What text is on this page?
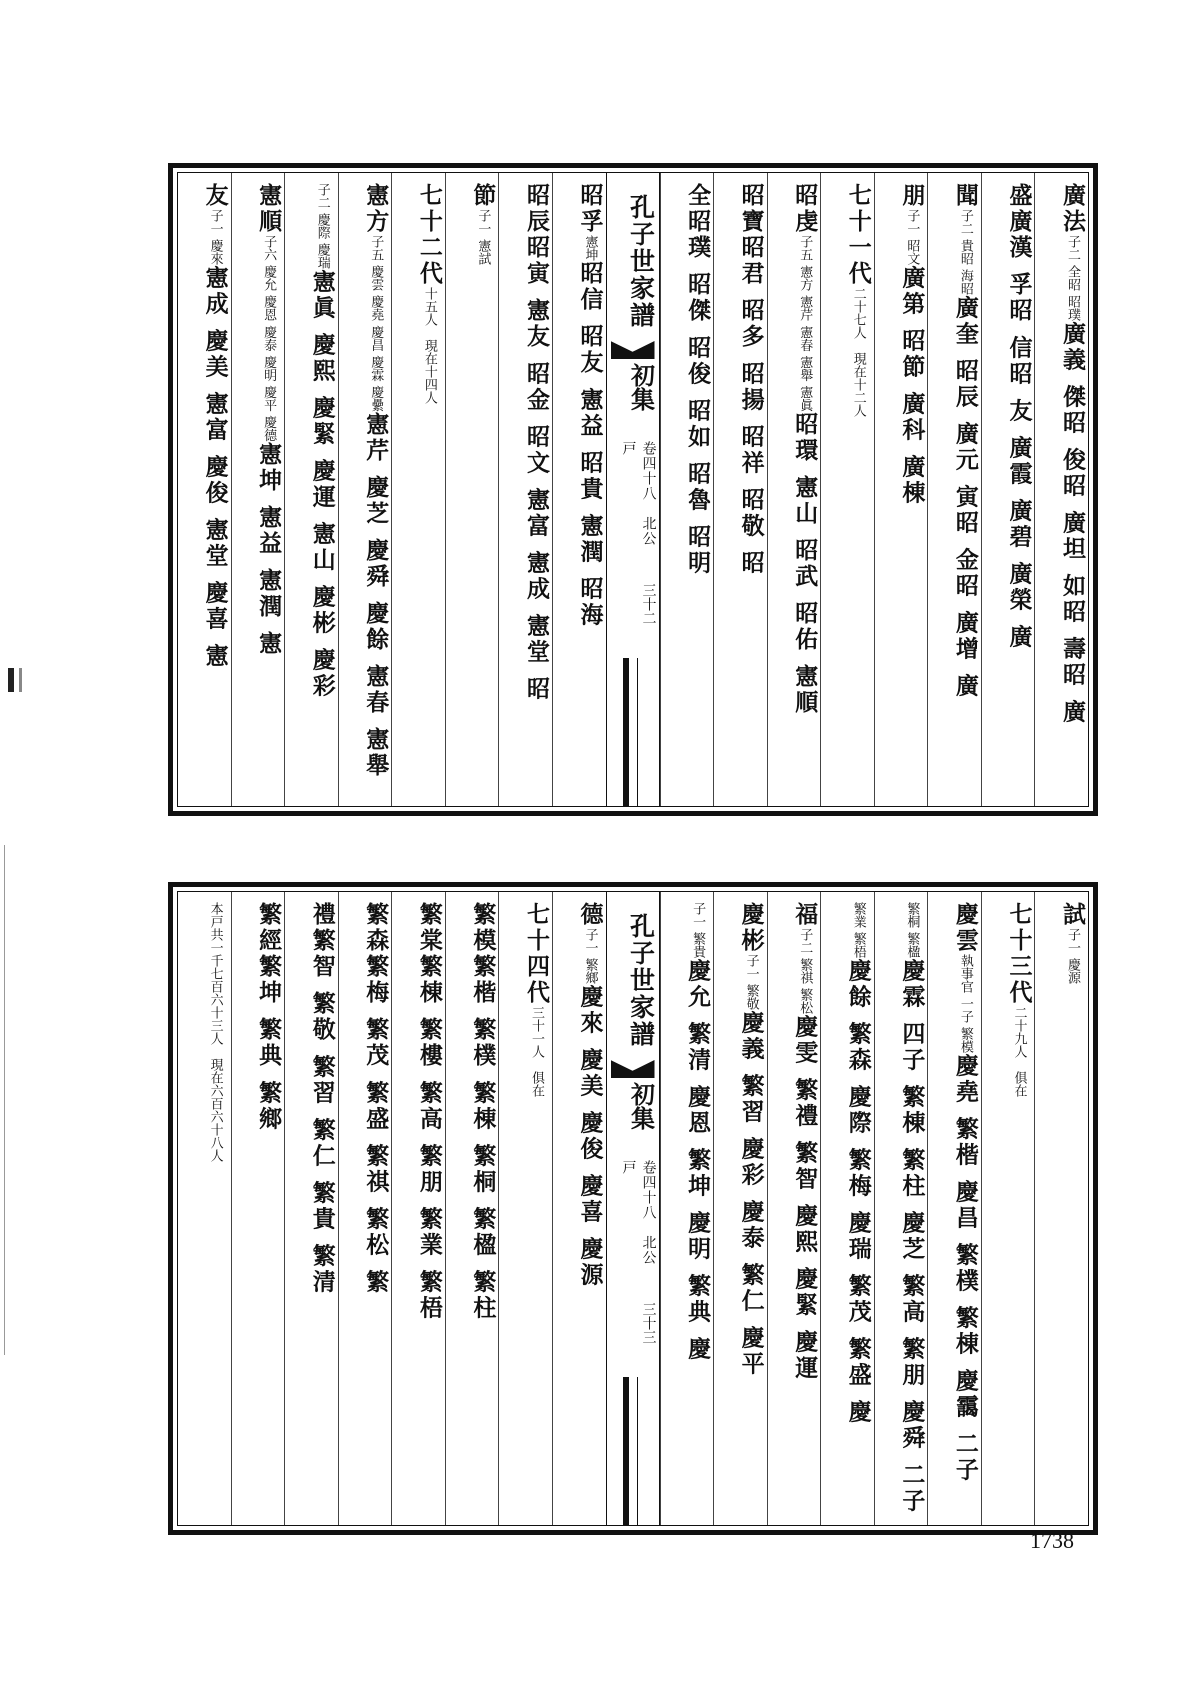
廣法子二 全昭 昭璞廣義 傑昭 俊昭 廣坦 如昭 壽昭 廣
盛廣漢 孚昭 信昭 友 廣霞 廣碧 廣榮 廣
聞子二 貴昭 海昭廣奎 昭辰 廣元 寅昭 金昭 廣增 廣
朋子一 昭文廣第 昭節 廣科 廣棟
七十一代二十七人　現在十二人
昭虔子五 憲方 憲芹 憲春 憲舉 憲眞昭環 憲山 昭武 昭佑 憲順
昭寶昭君 昭多 昭揚 昭祥 昭敬 昭
全昭璞 昭傑 昭俊 昭如 昭魯 昭明
孔子世家譜
初集
卷四十八　北公戸
三十二
昭孚憲坤昭信 昭友 憲益 昭貴 憲潤 昭海
昭辰昭寅 憲友 昭金 昭文 憲富 憲成 憲堂 昭
節子一 憲試
七十二代十五人　現在十四人
憲方子五 慶雲 慶堯 慶昌 慶霖 慶纍憲芹 慶芝 慶舜 慶餘 憲春 憲舉
子二 慶際 慶瑞憲眞 慶熙 慶緊 慶運 憲山 慶彬 慶彩
憲順子六 慶允 慶恩 慶泰 慶明 慶平 慶德憲坤 憲益 憲潤 憲
友子一 慶來憲成 慶美 憲富 慶俊 憲堂 慶喜 憲
試子一 慶源
七十三代二十九人　俱在
慶雲執事官 一子 繁模慶堯 繁楷 慶昌 繁樸 繁棟 慶靄 二子
繁桐 繁楹慶霖 四子 繁棟 繁柱 慶芝 繁高 繁朋 慶舜 二子
繁業 繁梧慶餘 繁森 慶際 繁梅 慶瑞 繁茂 繁盛 慶
福子二 繁祺 繁松慶雯 繁禮 繁智 慶熙 慶緊 慶運
慶彬子一 繁敬慶義 繁習 慶彩 慶泰 繁仁 慶平
子一 繁貴慶允 繁清 慶恩 繁坤 慶明 繁典 慶
孔子世家譜
初集
卷四十八　北公戸
三十三
德子一 繁鄉慶來 慶美 慶俊 慶喜 慶源
七十四代三十一人　俱在
繁模繁楷 繁樸 繁棟 繁桐 繁楹 繁柱
繁棠繁棟 繁樓 繁高 繁朋 繁業 繁梧
繁森繁梅 繁茂 繁盛 繁祺 繁松 繁
禮繁智 繁敬 繁習 繁仁 繁貴 繁清
繁經繁坤 繁典 繁鄉
本戸共一千七百六十三人　現在六百六十八人
1738
